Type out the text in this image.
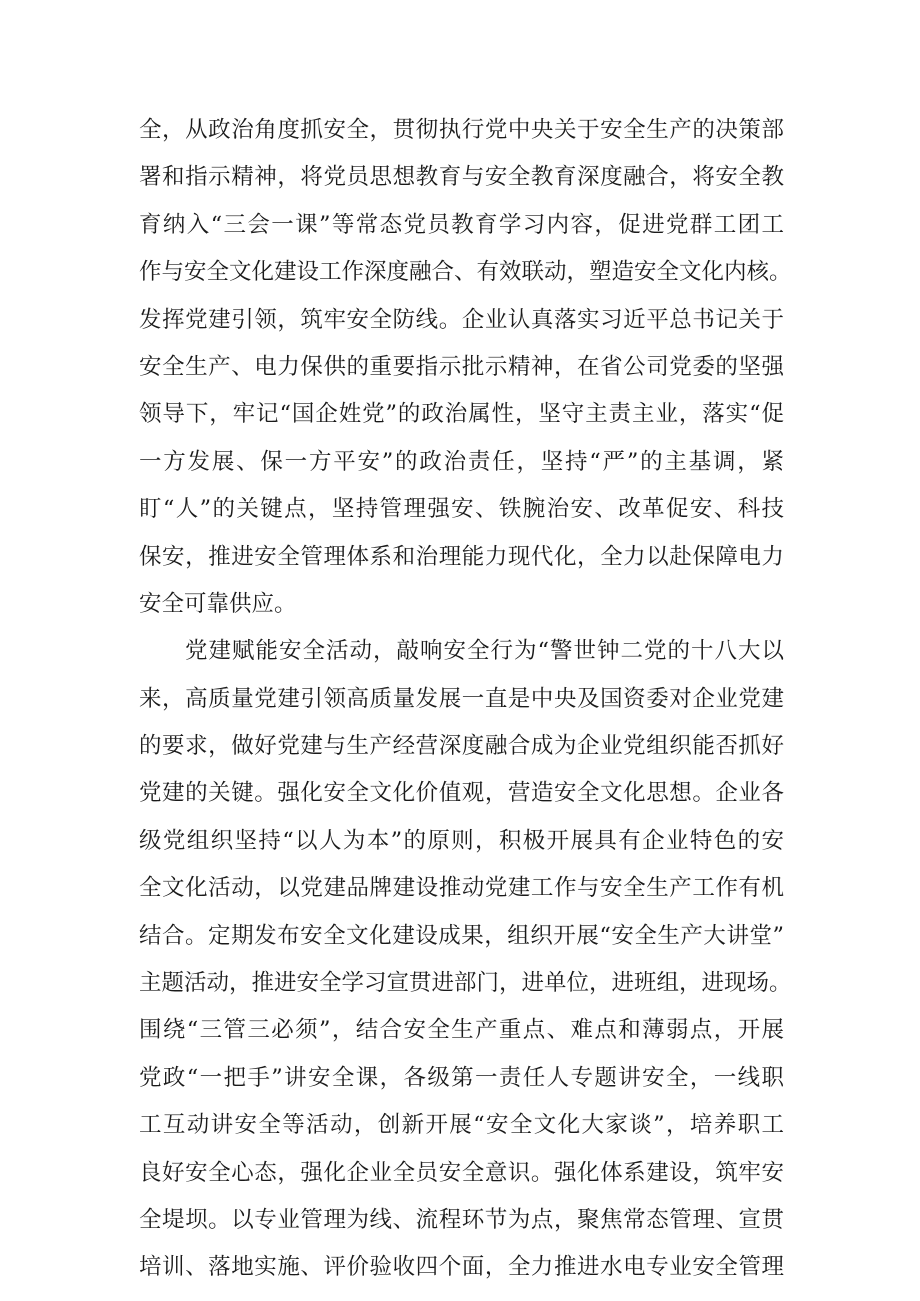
全，从政治角度抓安全，贯彻执行党中央关于安全生产的决策部
署和指示精神，将党员思想教育与安全教育深度融合，将安全教
育纳入“三会一课”等常态党员教育学习内容，促进党群工团工
作与安全文化建设工作深度融合、有效联动，塑造安全文化内核。
发挥党建引领，筑牢安全防线。企业认真落实习近平总书记关于
安全生产、电力保供的重要指示批示精神，在省公司党委的坚强
领导下，牢记“国企姓党”的政治属性，坚守主责主业，落实“促
一方发展、保一方平安”的政治责任，坚持“严”的主基调，紧
盯“人”的关键点，坚持管理强安、铁腕治安、改革促安、科技
保安，推进安全管理体系和治理能力现代化，全力以赴保障电力
安全可靠供应。
党建赋能安全活动，敲响安全行为“警世钟二党的十八大以
来，高质量党建引领高质量发展一直是中央及国资委对企业党建
的要求，做好党建与生产经营深度融合成为企业党组织能否抓好
党建的关键。强化安全文化价值观，营造安全文化思想。企业各
级党组织坚持“以人为本”的原则，积极开展具有企业特色的安
全文化活动，以党建品牌建设推动党建工作与安全生产工作有机
结合。定期发布安全文化建设成果，组织开展“安全生产大讲堂”
主题活动，推进安全学习宣贯进部门，进单位，进班组，进现场。
围绕“三管三必须”，结合安全生产重点、难点和薄弱点，开展
党政“一把手”讲安全课，各级第一责任人专题讲安全，一线职
工互动讲安全等活动，创新开展“安全文化大家谈”，培养职工
良好安全心态，强化企业全员安全意识。强化体系建设，筑牢安
全堤坝。以专业管理为线、流程环节为点，聚焦常态管理、宣贯
培训、落地实施、评价验收四个面，全力推进水电专业安全管理
